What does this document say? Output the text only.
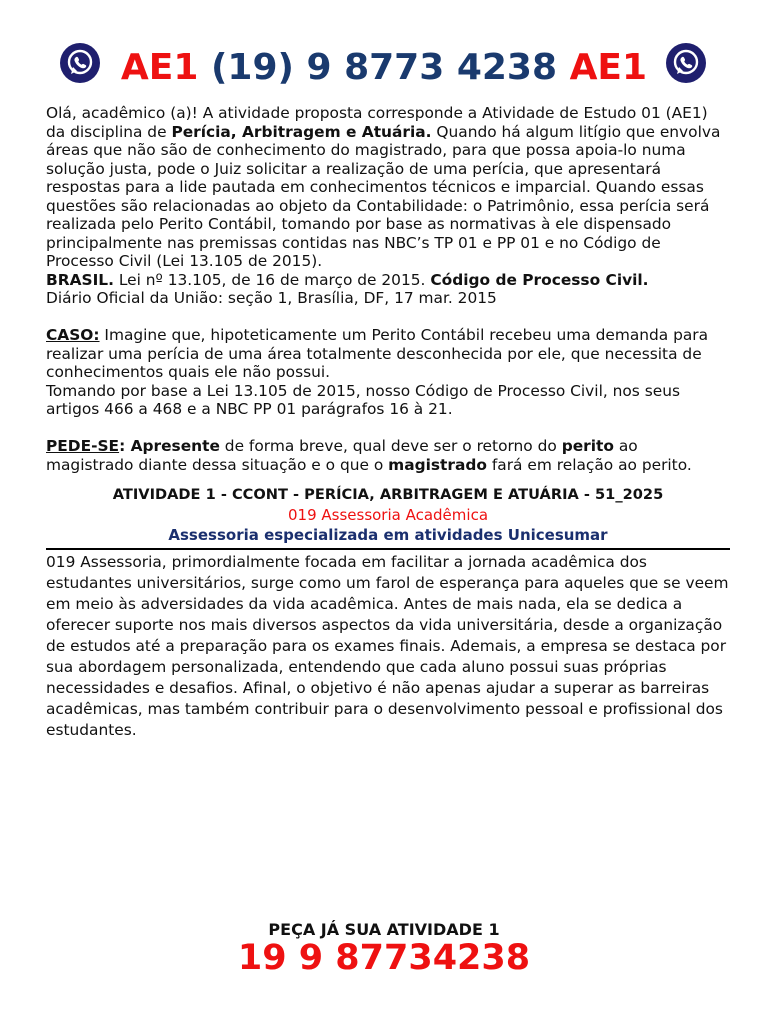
AE1 (19) 9 8773 4238 AE1

Olá, acadêmico (a)! A atividade proposta corresponde a Atividade de Estudo 01 (AE1) da disciplina de Perícia, Arbitragem e Atuária. Quando há algum litígio que envolva áreas que não são de conhecimento do magistrado, para que possa apoia-lo numa solução justa, pode o Juiz solicitar a realização de uma perícia, que apresentará respostas para a lide pautada em conhecimentos técnicos e imparcial. Quando essas questões são relacionadas ao objeto da Contabilidade: o Patrimônio, essa perícia será realizada pelo Perito Contábil, tomando por base as normativas à ele dispensado principalmente nas premissas contidas nas NBC’s TP 01 e PP 01 e no Código de Processo Civil (Lei 13.105 de 2015).

BRASIL. Lei nº 13.105, de 16 de março de 2015. Código de Processo Civil.

Diário Oficial da União: seção 1, Brasília, DF, 17 mar. 2015

CASO: Imagine que, hipoteticamente um Perito Contábil recebeu uma demanda para realizar uma perícia de uma área totalmente desconhecida por ele, que necessita de conhecimentos quais ele não possui.

Tomando por base a Lei 13.105 de 2015, nosso Código de Processo Civil, nos seus artigos 466 a 468 e a NBC PP 01 parágrafos 16 à 21.

PEDE-SE: Apresente de forma breve, qual deve ser o retorno do perito ao magistrado diante dessa situação e o que o magistrado fará em relação ao perito.

ATIVIDADE 1 - CCONT - PERÍCIA, ARBITRAGEM E ATUÁRIA - 51_2025
019 Assessoria Acadêmica
Assessoria especializada em atividades Unicesumar

019 Assessoria, primordialmente focada em facilitar a jornada acadêmica dos estudantes universitários, surge como um farol de esperança para aqueles que se veem em meio às adversidades da vida acadêmica. Antes de mais nada, ela se dedica a oferecer suporte nos mais diversos aspectos da vida universitária, desde a organização de estudos até a preparação para os exames finais. Ademais, a empresa se destaca por sua abordagem personalizada, entendendo que cada aluno possui suas próprias necessidades e desafios. Afinal, o objetivo é não apenas ajudar a superar as barreiras acadêmicas, mas também contribuir para o desenvolvimento pessoal e profissional dos estudantes.

PEÇA JÁ SUA ATIVIDADE 1
19 9 87734238
